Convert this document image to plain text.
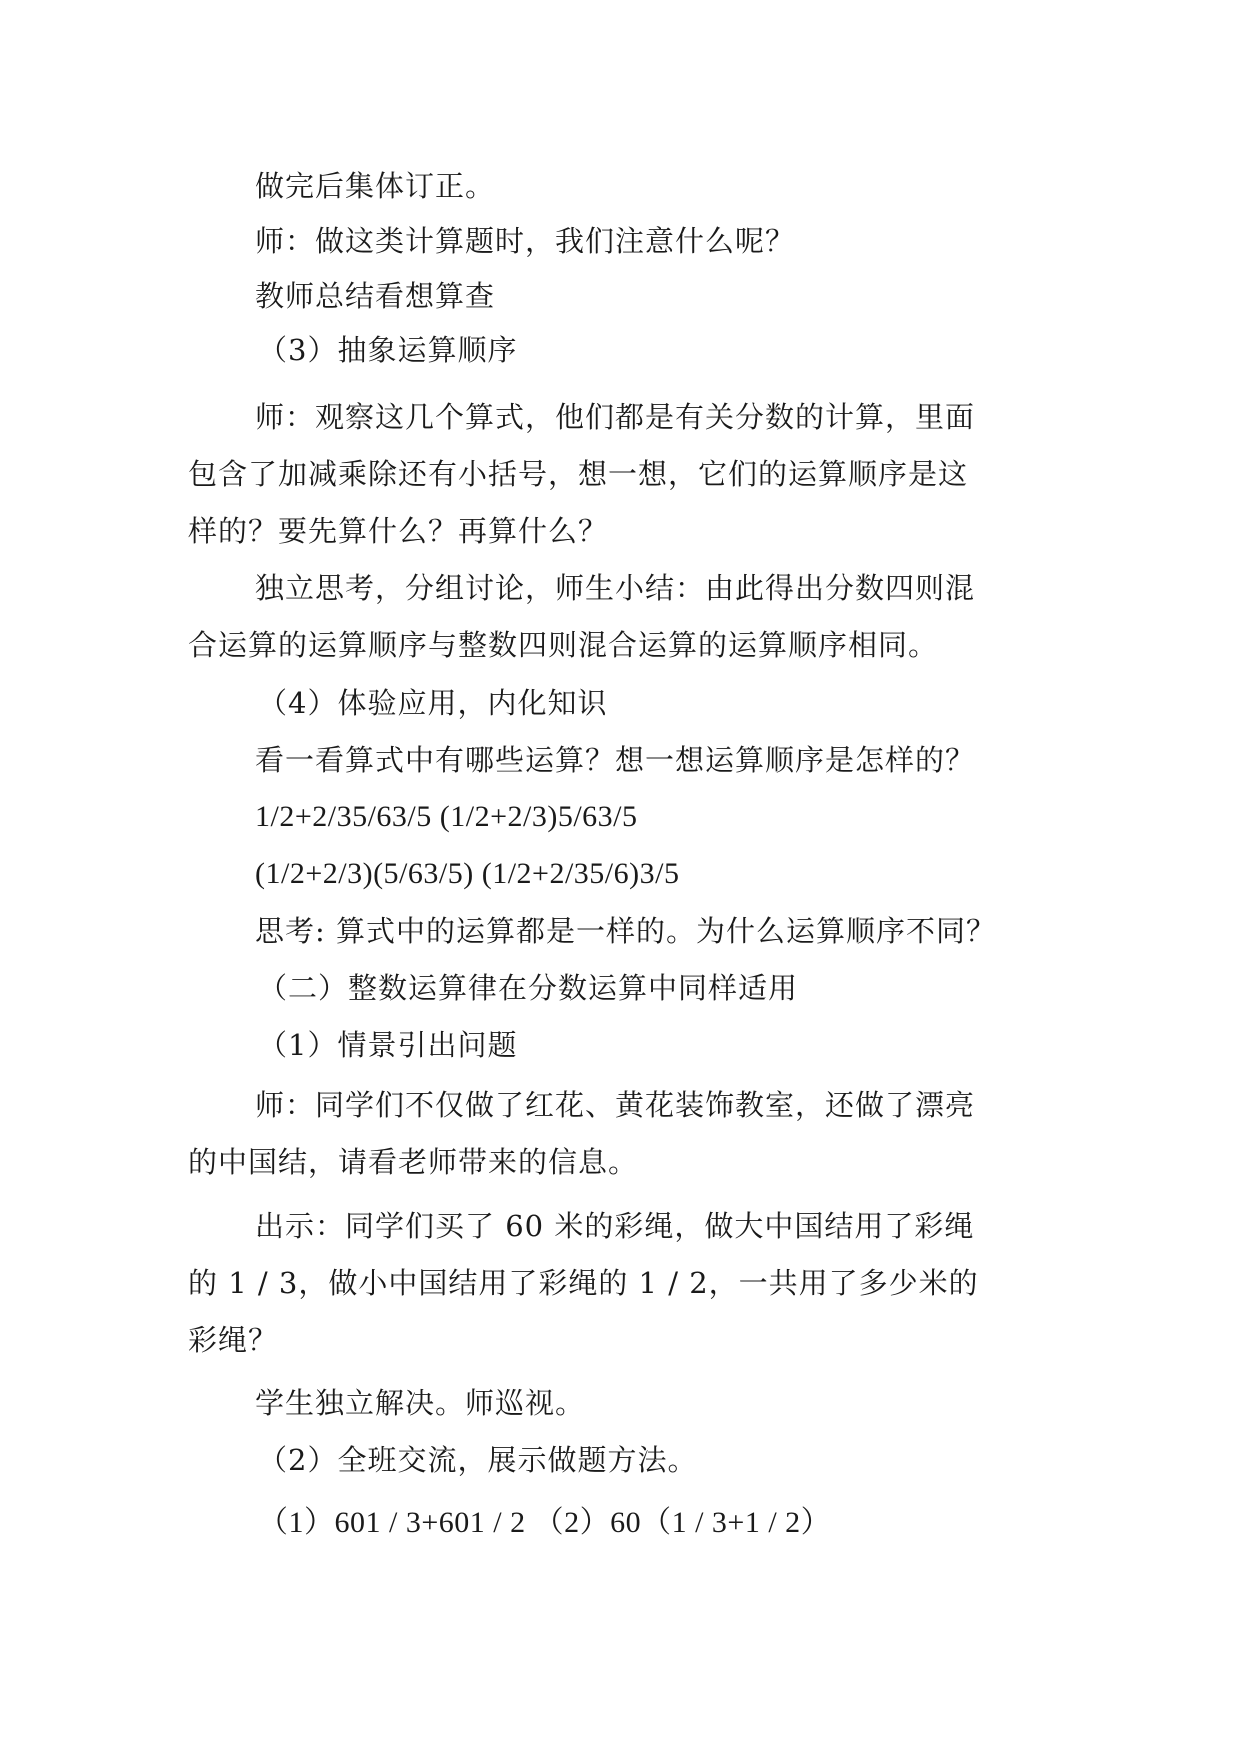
做完后集体订正。
师：做这类计算题时，我们注意什么呢？
教师总结看想算查
（3）抽象运算顺序
师：观察这几个算式，他们都是有关分数的计算，里面
包含了加减乘除还有小括号，想一想，它们的运算顺序是这
样的？要先算什么？再算什么？
独立思考，分组讨论，师生小结：由此得出分数四则混
合运算的运算顺序与整数四则混合运算的运算顺序相同。
（4）体验应用，内化知识
看一看算式中有哪些运算？想一想运算顺序是怎样的？
1/2+2/35/63/5 (1/2+2/3)5/63/5
(1/2+2/3)(5/63/5) (1/2+2/35/6)3/5
思考: 算式中的运算都是一样的。为什么运算顺序不同？
（二）整数运算律在分数运算中同样适用
（1）情景引出问题
师：同学们不仅做了红花、黄花装饰教室，还做了漂亮
的中国结，请看老师带来的信息。
出示：同学们买了 60 米的彩绳，做大中国结用了彩绳
的 1 / 3，做小中国结用了彩绳的 1 / 2，一共用了多少米的
彩绳？
学生独立解决。师巡视。
（2）全班交流，展示做题方法。
（1）601 / 3+601 / 2 （2）60（1 / 3+1 / 2）
